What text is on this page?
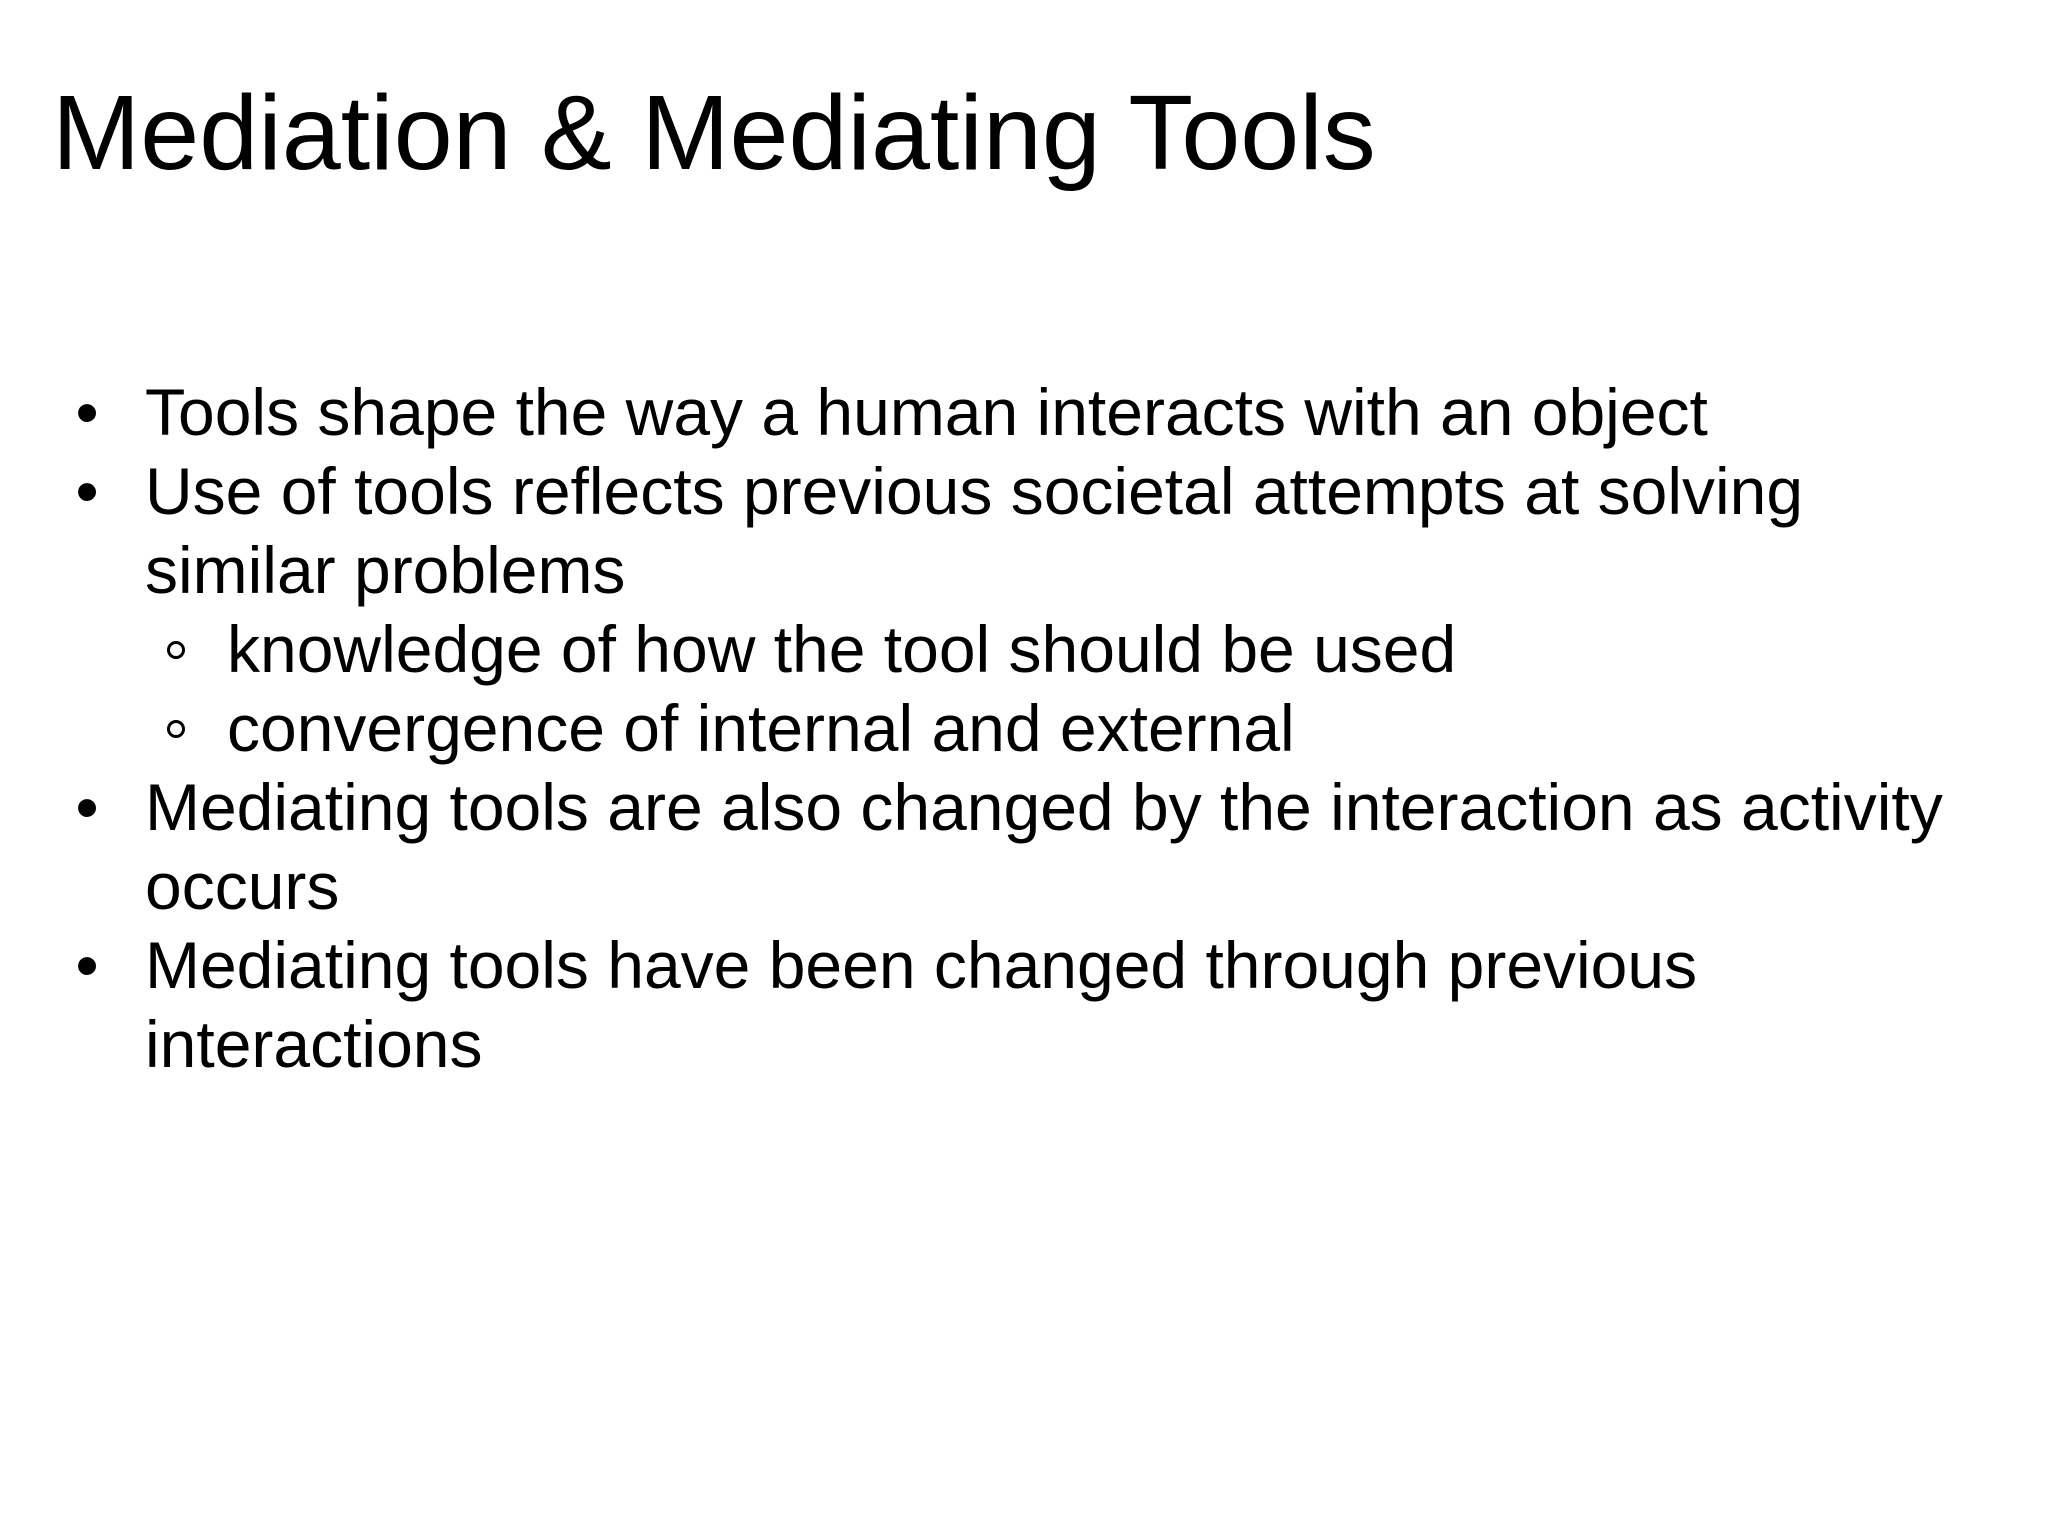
Mediation & Mediating Tools
• Tools shape the way a human interacts with an object
• Use of tools reflects previous societal attempts at solving similar problems
knowledge of how the tool should be used
convergence of internal and external
• Mediating tools are also changed by the interaction as activity occurs
• Mediating tools have been changed through previous interactions
